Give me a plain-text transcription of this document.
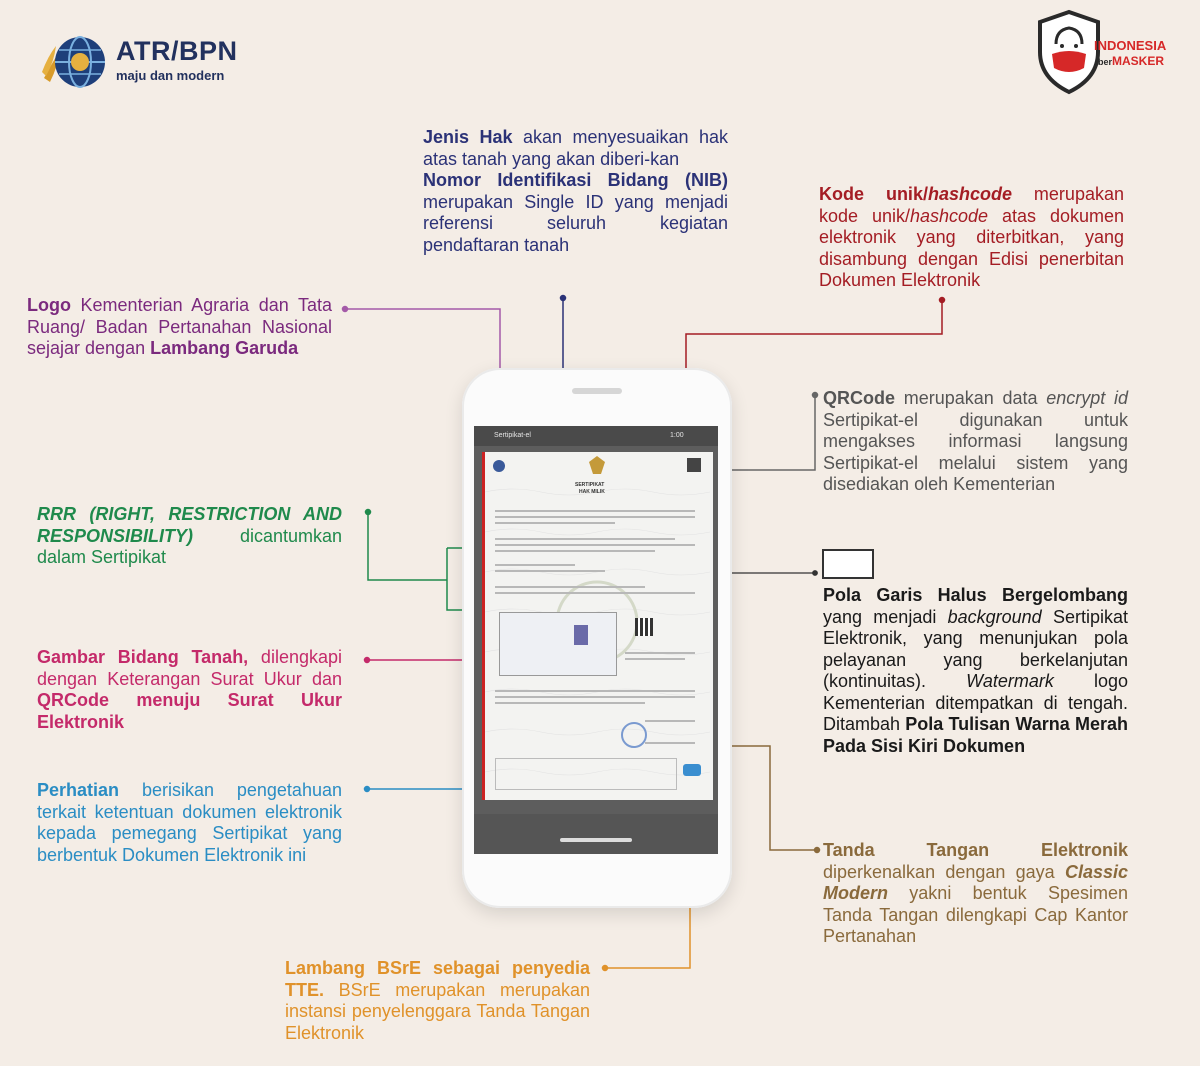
ATR/BPN
maju dan modern
INDONESIA
berMASKER
Sertipikat-el	1:00
SERTIPIKAT
HAK MILIK
Jenis Hak akan menyesuaikan hak atas tanah yang akan diberi-kan
Nomor Identifikasi Bidang (NIB) merupakan Single ID yang menjadi referensi seluruh kegiatan pendaftaran tanah
Kode unik/hashcode merupakan kode unik/hashcode atas dokumen elektronik yang diterbitkan, yang disambung dengan Edisi penerbitan Dokumen Elektronik
Logo Kementerian Agraria dan Tata Ruang/ Badan Pertanahan Nasional sejajar dengan Lambang Garuda
QRCode merupakan data encrypt id Sertipikat-el digunakan untuk mengakses informasi langsung Sertipikat-el melalui sistem yang disediakan oleh Kementerian
RRR (RIGHT, RESTRICTION AND RESPONSIBILITY) dicantumkan dalam Sertipikat
Pola Garis Halus Bergelombang yang menjadi background Sertipikat Elektronik, yang menunjukan pola pelayanan yang berkelanjutan (kontinuitas). Watermark logo Kementerian ditempatkan di tengah. Ditambah Pola Tulisan Warna Merah Pada Sisi Kiri Dokumen
Gambar Bidang Tanah, dilengkapi dengan Keterangan Surat Ukur dan QRCode menuju Surat Ukur Elektronik
Perhatian berisikan pengetahuan terkait ketentuan dokumen elektronik kepada pemegang Sertipikat yang berbentuk Dokumen Elektronik ini	Tanda Tangan Elektronik diperkenalkan dengan gaya Classic Modern yakni bentuk Spesimen Tanda Tangan dilengkapi Cap Kantor Pertanahan
Lambang BSrE sebagai penyedia TTE. BSrE merupakan merupakan instansi penyelenggara Tanda Tangan Elektronik
